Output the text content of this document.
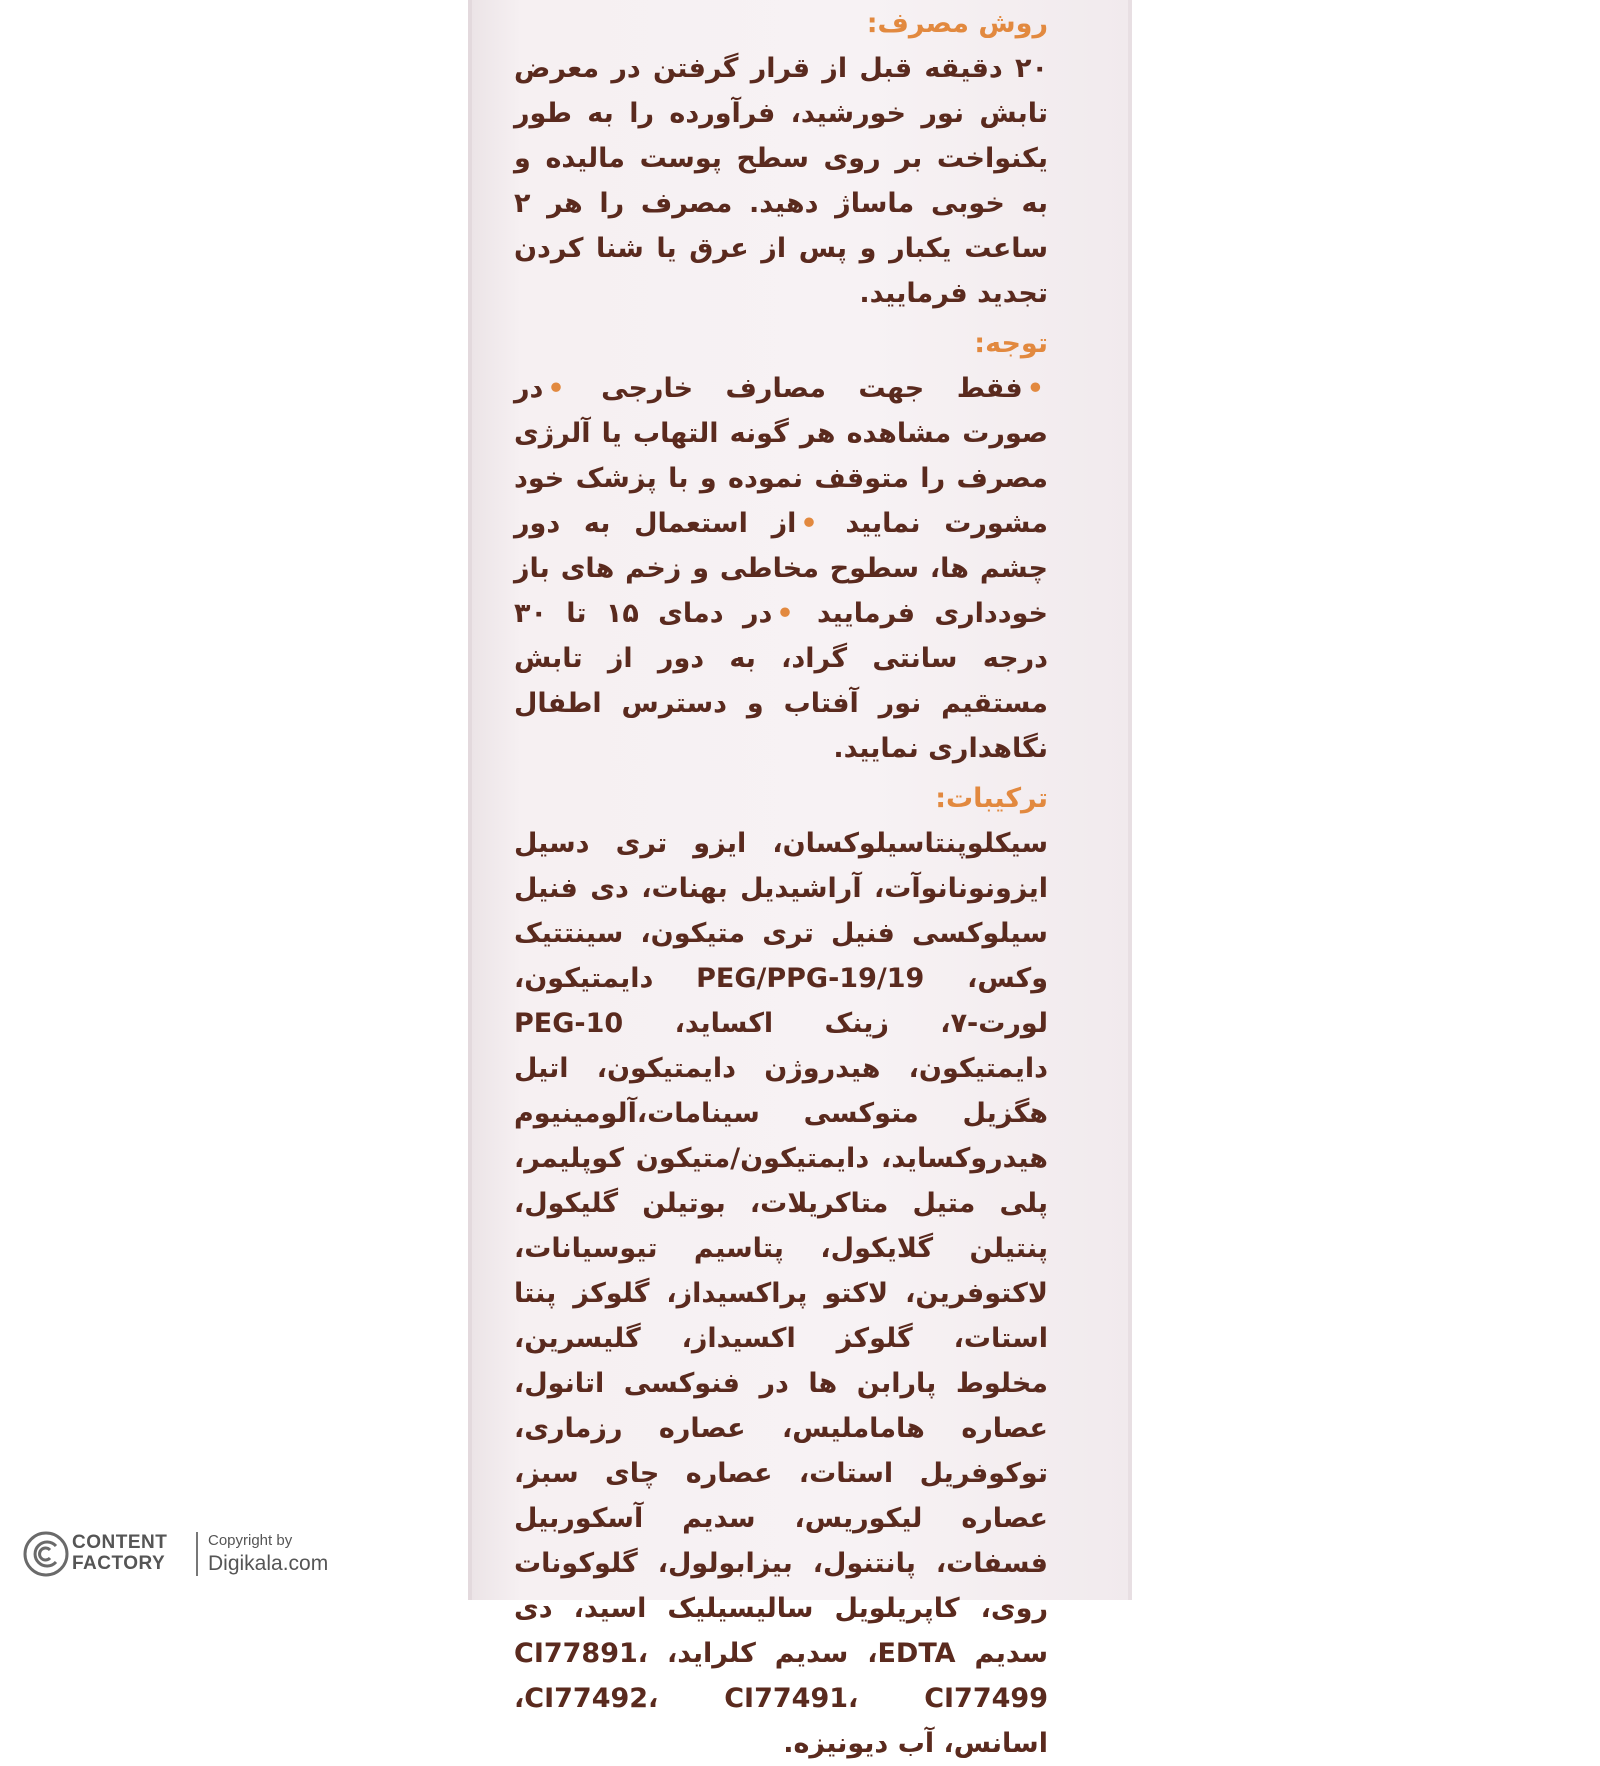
روش مصرف:

۲۰ دقیقه قبل از قرار گرفتن در معرض تابش نور خورشید، فرآورده را به طور یکنواخت بر روی سطح پوست مالیده و به خوبی ماساژ دهید. مصرف را هر ۲ ساعت یکبار و پس از عرق یا شنا کردن تجدید فرمایید.

توجه:

•فقط جهت مصارف خارجی •در صورت مشاهده هر گونه التهاب یا آلرژی مصرف را متوقف نموده و با پزشک خود مشورت نمایید •از استعمال به دور چشم ها، سطوح مخاطی و زخم های باز خودداری فرمایید •در دمای ۱۵ تا ۳۰ درجه سانتی گراد، به دور از تابش مستقیم نور آفتاب و دسترس اطفال نگاهداری نمایید.

ترکیبات:

سیکلوپنتاسیلوکسان، ایزو تری دسیل ایزونونانوآت، آراشیدیل بهنات، دی فنیل سیلوکسی فنیل تری متیکون، سینتتیک وکس، PEG/PPG-19/19 دایمتیکون، لورت-۷، زینک اکساید، PEG-10 دایمتیکون، هیدروژن دایمتیکون، اتیل هگزیل متوکسی سینامات،آلومینیوم هیدروکساید، دایمتیکون/متیکون کوپلیمر، پلی متیل متاکریلات، بوتیلن گلیکول، پنتیلن گلایکول، پتاسیم تیوسیانات، لاکتوفرین، لاکتو پراکسیداز، گلوکز پنتا استات، گلوکز اکسیداز، گلیسرین، مخلوط پارابن ها در فنوکسی اتانول، عصاره هامامليس، عصاره رزماری، توکوفریل استات، عصاره چای سبز، عصاره لیکوریس، سدیم آسکوربیل فسفات، پانتنول، بیزابولول، گلوکونات روی، کاپریلویل سالیسیلیک اسید، دی سدیم EDTA، سدیم کلراید، CI77891، CI77492، CI77491، CI77499، اسانس، آب دیونیزه.

CONTENT
FACTORY
Copyright by
Digikala.com
